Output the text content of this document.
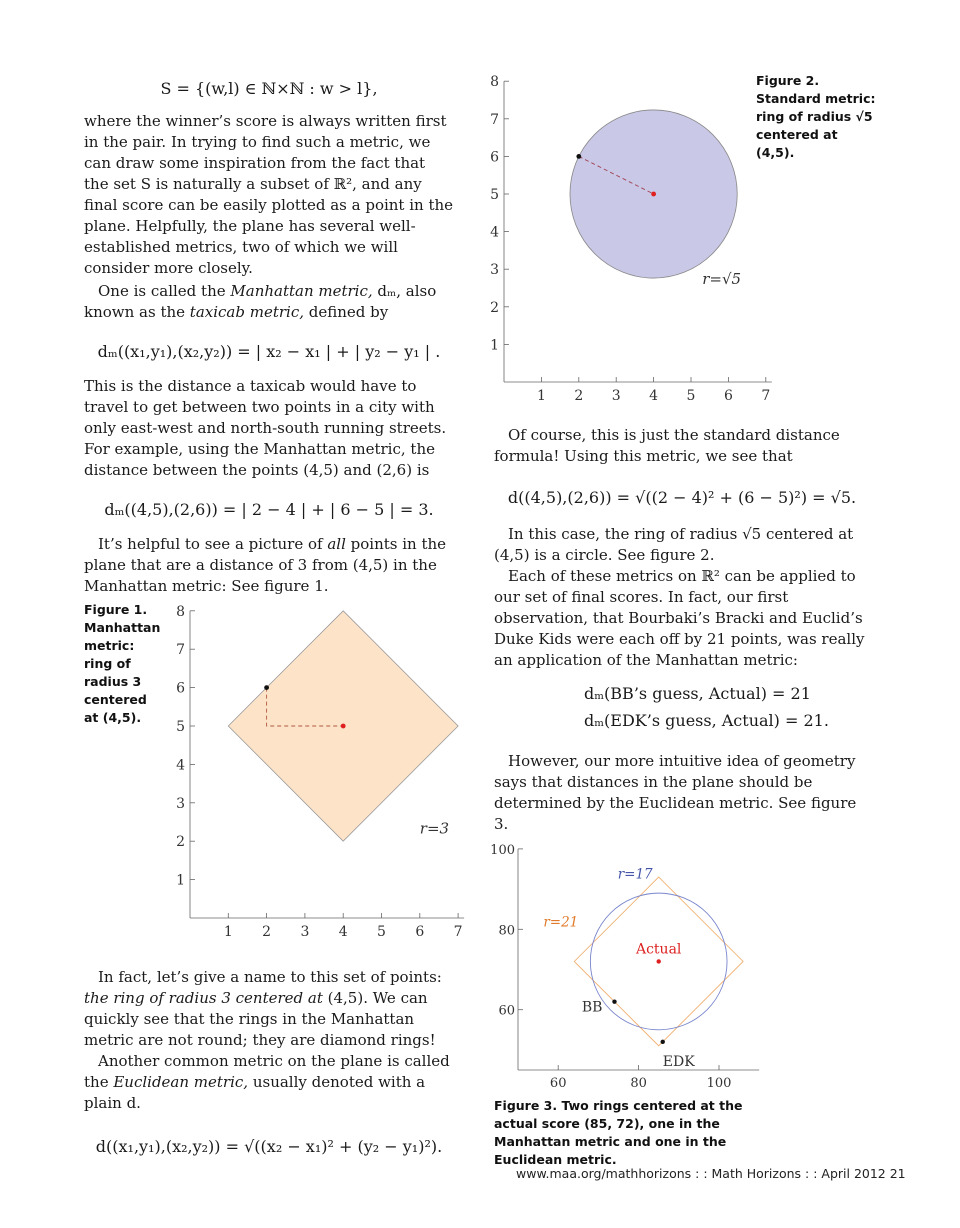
S = {(w,l) ∈ ℕ×ℕ : w > l},

where the winner’s score is always written first in the pair. In trying to find such a metric, we can draw some inspiration from the fact that the set S is naturally a subset of ℝ², and any final score can be easily plotted as a point in the plane. Helpfully, the plane has several well-established metrics, two of which we will consider more closely.

One is called the Manhattan metric, dₘ, also known as the taxicab metric, defined by

dₘ((x₁,y₁),(x₂,y₂)) = | x₂ − x₁ | + | y₂ − y₁ | .

This is the distance a taxicab would have to travel to get between two points in a city with only east-west and north-south running streets. For example, using the Manhattan metric, the distance between the points (4,5) and (2,6) is

dₘ((4,5),(2,6)) = | 2 − 4 | + | 6 − 5 | = 3.

It’s helpful to see a picture of all points in the plane that are a distance of 3 from (4,5) in the Manhattan metric: See figure 1.

Figure 1. Manhattan metric: ring of radius 3 centered at (4,5).
1 2 3 4 5 6 7
1
2
3
4
5
6
7
8
r=3

In fact, let’s give a name to this set of points: the ring of radius 3 centered at (4,5). We can quickly see that the rings in the Manhattan metric are not round; they are diamond rings!

Another common metric on the plane is called the Euclidean metric, usually denoted with a plain d.

d((x₁,y₁),(x₂,y₂)) = √((x₂ − x₁)² + (y₂ − y₁)²).
1 2 3 4 5 6 7
1
2
3
4
5
6
7
8
r=√5
Figure 2. Standard metric: ring of radius √5 centered at (4,5).

Of course, this is just the standard distance formula! Using this metric, we see that

d((4,5),(2,6)) = √((2 − 4)² + (6 − 5)²) = √5.

In this case, the ring of radius √5 centered at (4,5) is a circle. See figure 2.

Each of these metrics on ℝ² can be applied to our set of final scores. In fact, our first observation, that Bourbaki’s Bracki and Euclid’s Duke Kids were each off by 21 points, was really an application of the Manhattan metric:

dₘ(BB’s guess, Actual) = 21
dₘ(EDK’s guess, Actual) = 21.

However, our more intuitive idea of geometry says that distances in the plane should be determined by the Euclidean metric. See figure 3.

60	80	100
60
80
100
Actual
BB
EDK
r=17
r=21
Figure 3. Two rings centered at the actual score (85, 72), one in the Manhattan metric and one in the Euclidean metric.
www.maa.org/mathhorizons : : Math Horizons : : April 2012 21
